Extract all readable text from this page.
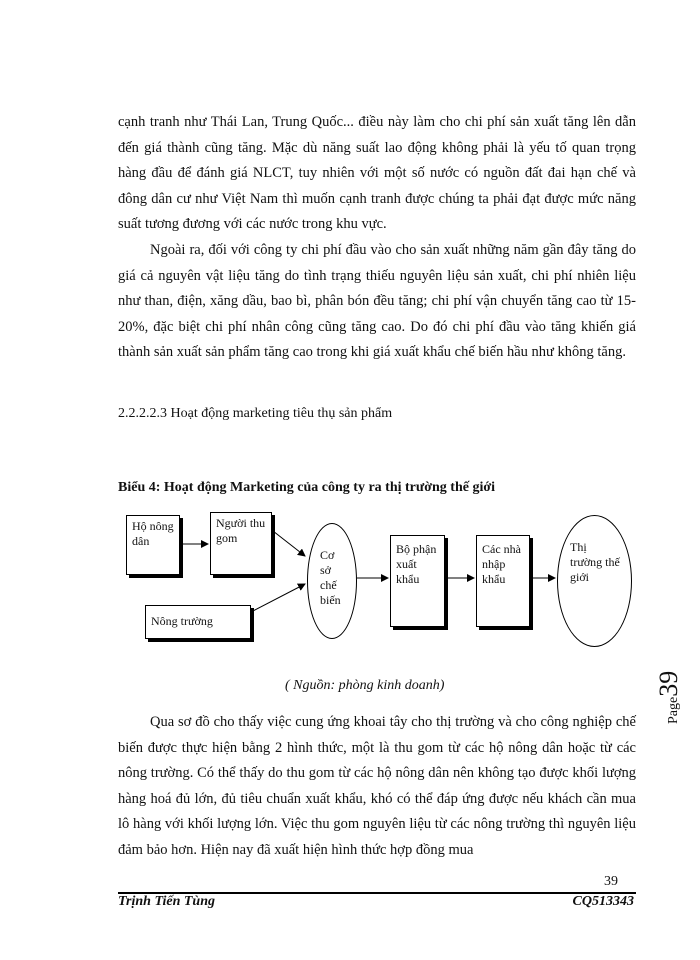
cạnh tranh như Thái Lan, Trung Quốc... điều này làm cho chi phí sản xuất tăng lên dẫn đến giá thành cũng tăng. Mặc dù năng suất lao động không phải là yếu tố quan trọng hàng đầu để đánh giá NLCT, tuy nhiên với một số nước có nguồn đất đai hạn chế và đông dân cư như Việt Nam thì muốn cạnh tranh được chúng ta phải đạt được mức năng suất tương đương với các nước trong khu vực.

Ngoài ra, đối với công ty chi phí đầu vào cho sản xuất những năm gần đây tăng do giá cả nguyên vật liệu tăng do tình trạng thiếu nguyên liệu sản xuất, chi phí nhiên liệu như than, điện, xăng dầu, bao bì, phân bón đều tăng; chi phí vận chuyển tăng cao từ 15-20%, đặc biệt chi phí nhân công cũng tăng cao. Do đó chi phí đầu vào tăng khiến giá thành sản xuất sản phẩm tăng cao trong khi giá xuất khẩu chế biến hầu như không tăng.

2.2.2.2.3 Hoạt động marketing tiêu thụ sản phẩm

Biểu 4: Hoạt động Marketing của công ty ra thị trường thế giới

Hộ nông dân
Người thu gom
Nông trường
Cơ sở chế biến
Bộ phận xuất khẩu
Các nhà nhập khẩu
Thị trường thế giới

( Nguồn: phòng kinh doanh)

Page39

Qua sơ đồ cho thấy việc cung ứng khoai tây cho thị trường và cho công nghiệp chế biến được thực hiện bằng 2 hình thức, một là thu gom từ các hộ nông dân hoặc từ các nông trường. Có thể thấy do thu gom từ các hộ nông dân nên không tạo được khối lượng hàng hoá đủ lớn, đủ tiêu chuẩn xuất khẩu, khó có thể đáp ứng được nếu khách cần mua lô hàng với khối lượng lớn. Việc thu gom nguyên liệu từ các nông trường thì nguyên liệu đảm bảo hơn. Hiện nay đã xuất hiện hình thức hợp đồng mua

39
Trịnh Tiến Tùng	CQ513343
